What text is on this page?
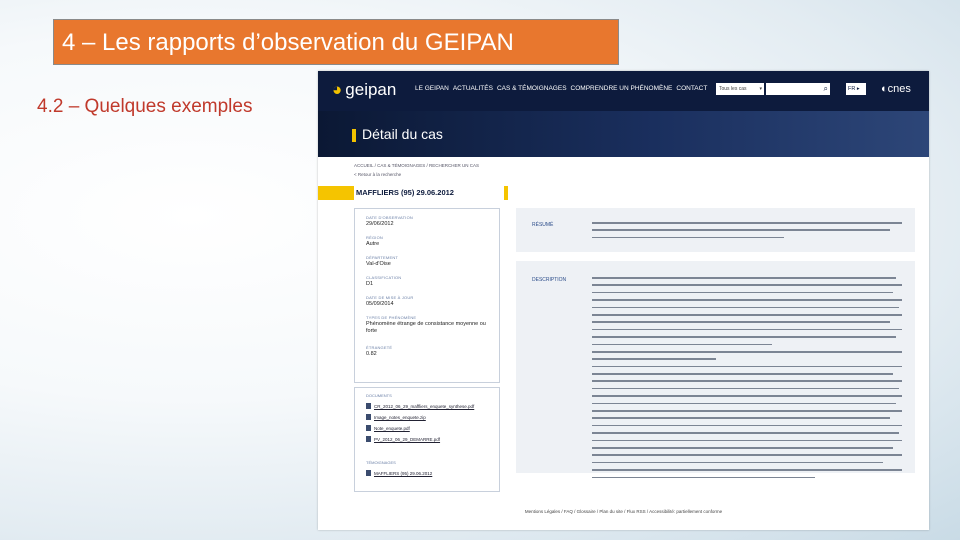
4 – Les rapports d’observation du GEIPAN
4.2 – Quelques exemples
◕ geipan	LE GEIPAN ACTUALITÉS CAS & TÉMOIGNAGES COMPRENDRE UN PHÉNOMÈNE CONTACT	Tous les cas	▾	⌕	FR ▸	◐cnes
Détail du cas
ACCUEIL / CAS & TÉMOIGNAGES / RECHERCHER UN CAS
< Retour à la recherche
MAFFLIERS (95) 29.06.2012
DATE D'OBSERVATION
29/06/2012
RÉGION
Autre
DÉPARTEMENT
Val-d'Oise
CLASSIFICATION
D1
DATE DE MISE À JOUR
05/09/2014
TYPES DE PHÉNOMÈNE
Phénomène étrange de consistance moyenne ou forte
ÉTRANGETÉ
0.82
DOCUMENTS
CR_2012_06_29_maffliers_enquete_synthese.pdf
Image_notes_enquete.zip
Note_enquete.pdf
PV_2012_06_29_DEMARRE.pdf
TÉMOIGNAGES
MAFFLIERS (95) 29.06.2012
RÉSUMÉ
DESCRIPTION
Mentions Légales / FAQ / Glossaire / Plan du site / Flux RSS / Accessibilité: partiellement conforme
